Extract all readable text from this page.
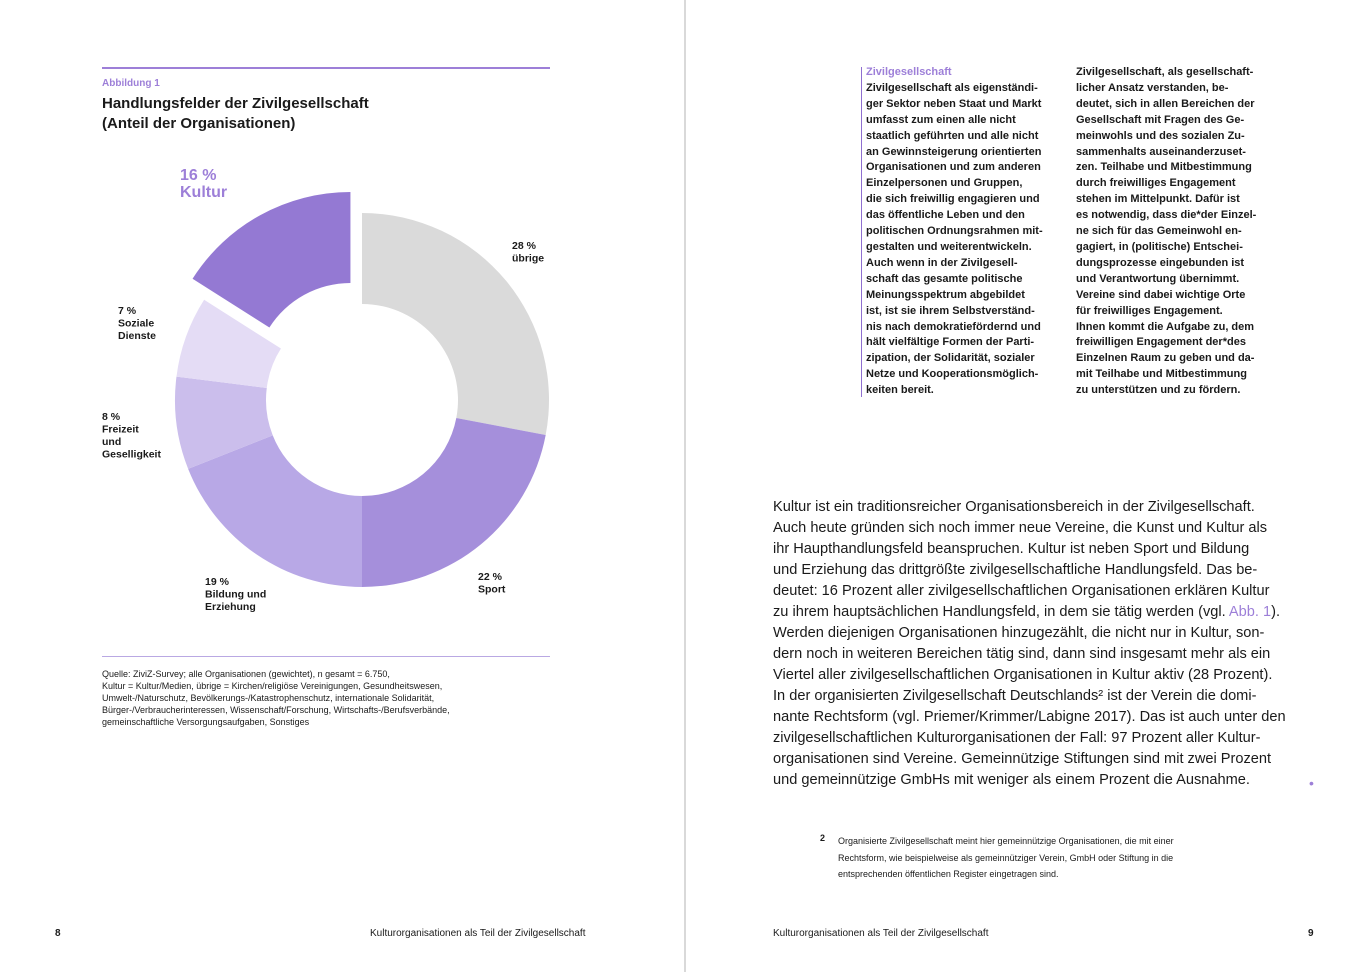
Abbildung 1
Handlungsfelder der Zivilgesellschaft
(Anteil der Organisationen)
28 % übrige
22 % Sport
19 % Bildung und Erziehung
8 % Freizeit und Geselligkeit
7 % Soziale Dienste
16 % Kultur
Quelle: ZiviZ-Survey; alle Organisationen (gewichtet), n gesamt = 6.750,
Kultur = Kultur/Medien, übrige = Kirchen/religiöse Vereinigungen, Gesundheitswesen,
Umwelt-/Naturschutz, Bevölkerungs-/Katastrophenschutz, internationale Solidarität,
Bürger-/Verbraucherinteressen, Wissenschaft/Forschung, Wirtschafts-/Berufsverbände,
gemeinschaftliche Versorgungsaufgaben, Sonstiges
8	Kulturorganisationen als Teil der Zivilgesellschaft
Zivilgesellschaft
Zivilgesellschaft als eigenständi-
ger Sektor neben Staat und Markt
umfasst zum einen alle nicht
staatlich geführten und alle nicht
an Gewinnsteigerung orientierten
Organisationen und zum anderen
Einzelpersonen und Gruppen,
die sich freiwillig engagieren und
das öffentliche Leben und den
politischen Ordnungsrahmen mit-
gestalten und weiterentwickeln.
Auch wenn in der Zivilgesell-
schaft das gesamte politische
Meinungsspektrum abgebildet
ist, ist sie ihrem Selbstverständ-
nis nach demokratiefördernd und
hält vielfältige Formen der Parti-
zipation, der Solidarität, sozialer
Netze und Kooperationsmöglich-
keiten bereit.
Zivilgesellschaft, als gesellschaft-
licher Ansatz verstanden, be-
deutet, sich in allen Bereichen der
Gesellschaft mit Fragen des Ge-
meinwohls und des sozialen Zu-
sammenhalts auseinanderzuset-
zen. Teilhabe und Mitbestimmung
durch freiwilliges Engagement
stehen im Mittelpunkt. Dafür ist
es notwendig, dass die*der Einzel-
ne sich für das Gemeinwohl en-
gagiert, in (politische) Entschei-
dungsprozesse eingebunden ist
und Verantwortung übernimmt.
Vereine sind dabei wichtige Orte
für freiwilliges Engagement.
Ihnen kommt die Aufgabe zu, dem
freiwilligen Engagement der*des
Einzelnen Raum zu geben und da-
mit Teilhabe und Mitbestimmung
zu unterstützen und zu fördern.
Kultur ist ein traditionsreicher Organisationsbereich in der Zivilgesellschaft.
Auch heute gründen sich noch immer neue Vereine, die Kunst und Kultur als
ihr Haupthandlungsfeld beanspruchen. Kultur ist neben Sport und Bildung
und Erziehung das drittgrößte zivilgesellschaftliche Handlungsfeld. Das be-
deutet: 16 Prozent aller zivilgesellschaftlichen Organisationen erklären Kultur
zu ihrem hauptsächlichen Handlungsfeld, in dem sie tätig werden (vgl. Abb. 1).
Werden diejenigen Organisationen hinzugezählt, die nicht nur in Kultur, son-
dern noch in weiteren Bereichen tätig sind, dann sind insgesamt mehr als ein
Viertel aller zivilgesellschaftlichen Organisationen in Kultur aktiv (28 Prozent).
In der organisierten Zivilgesellschaft Deutschlands² ist der Verein die domi-
nante Rechtsform (vgl. Priemer/Krimmer/Labigne 2017). Das ist auch unter den
zivilgesellschaftlichen Kulturorganisationen der Fall: 97 Prozent aller Kultur-
organisationen sind Vereine. Gemeinnützige Stiftungen sind mit zwei Prozent
und gemeinnützige GmbHs mit weniger als einem Prozent die Ausnahme.	•
2 Organisierte Zivilgesellschaft meint hier gemeinnützige Organisationen, die mit einer
Rechtsform, wie beispielweise als gemeinnütziger Verein, GmbH oder Stiftung in die
entsprechenden öffentlichen Register eingetragen sind.
Kulturorganisationen als Teil der Zivilgesellschaft	9
